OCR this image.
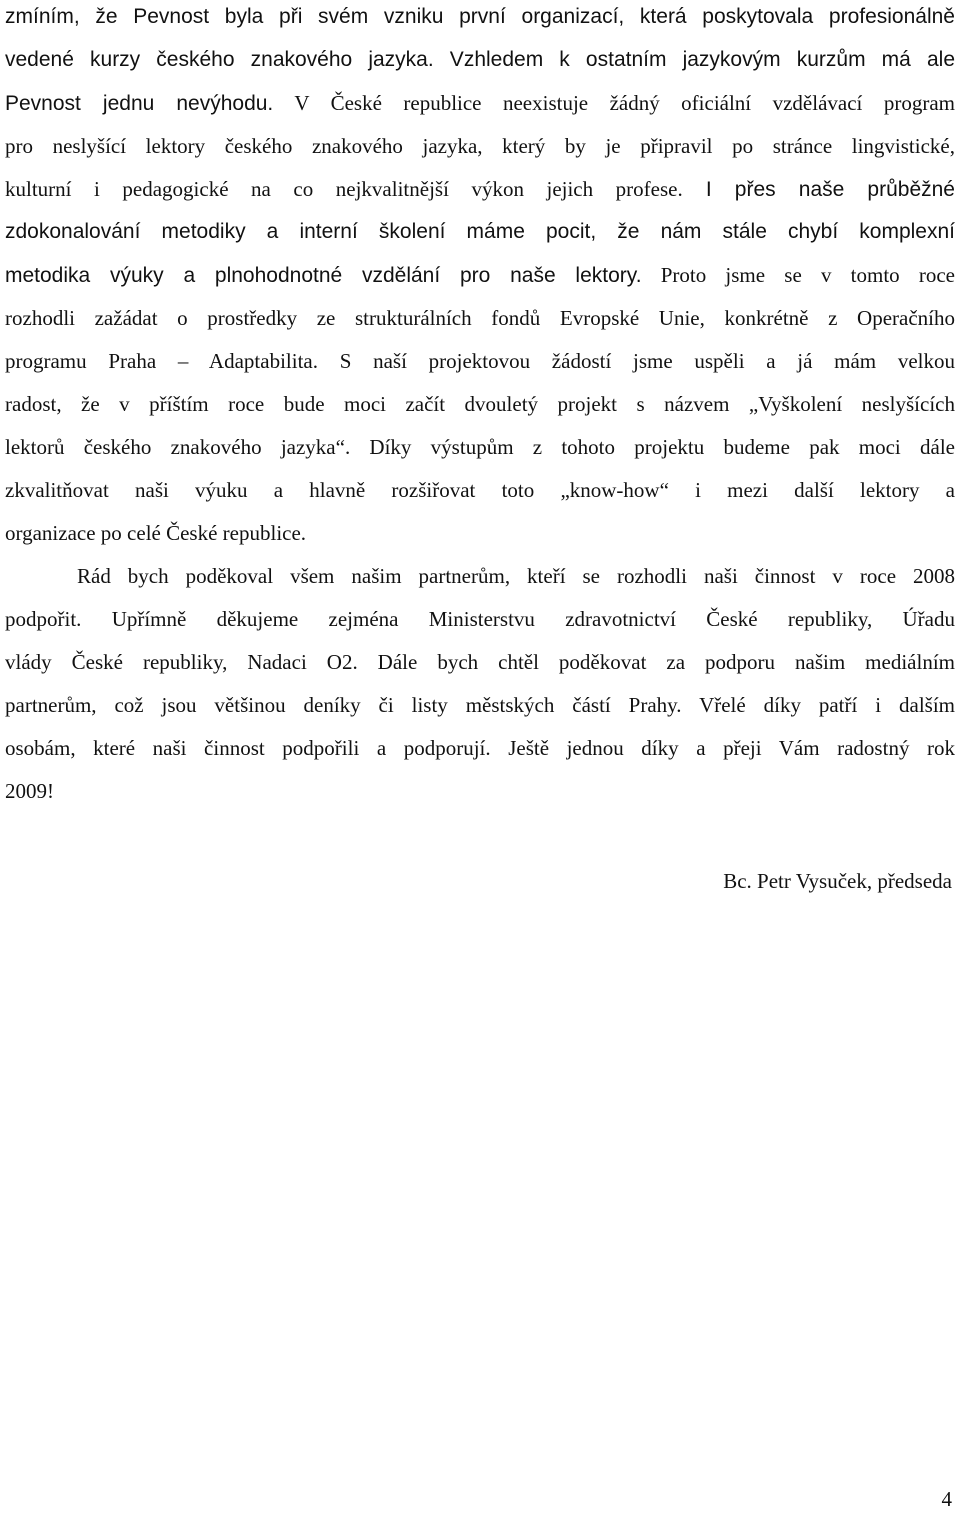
zmíním, že Pevnost byla při svém vzniku první organizací, která poskytovala profesionálně
vedené kurzy českého znakového jazyka. Vzhledem k ostatním jazykovým kurzům má ale
Pevnost jednu nevýhodu. V České republice neexistuje žádný oficiální vzdělávací program
pro neslyšící lektory českého znakového jazyka, který by je připravil po stránce lingvistické,
kulturní i pedagogické na co nejkvalitnější výkon jejich profese. I přes naše průběžné
zdokonalování metodiky a interní školení máme pocit, že nám stále chybí komplexní
metodika výuky a plnohodnotné vzdělání pro naše lektory. Proto jsme se v tomto roce
rozhodli zažádat o prostředky ze strukturálních fondů Evropské Unie, konkrétně z Operačního
programu Praha – Adaptabilita. S naší projektovou žádostí jsme uspěli a já mám velkou
radost, že v příštím roce bude moci začít dvouletý projekt s názvem „Vyškolení neslyšících
lektorů českého znakového jazyka“. Díky výstupům z tohoto projektu budeme pak moci dále
zkvalitňovat naši výuku a hlavně rozšiřovat toto „know-how“ i mezi další lektory a
organizace po celé České republice.
Rád bych poděkoval všem našim partnerům, kteří se rozhodli naši činnost v roce 2008
podpořit. Upřímně děkujeme zejména Ministerstvu zdravotnictví České republiky, Úřadu
vlády České republiky, Nadaci O2. Dále bych chtěl poděkovat za podporu našim mediálním
partnerům, což jsou většinou deníky či listy městských částí Prahy. Vřelé díky patří i dalším
osobám, které naši činnost podpořili a podporují. Ještě jednou díky a přeji Vám radostný rok
2009!
Bc. Petr Vysuček, předseda
4
